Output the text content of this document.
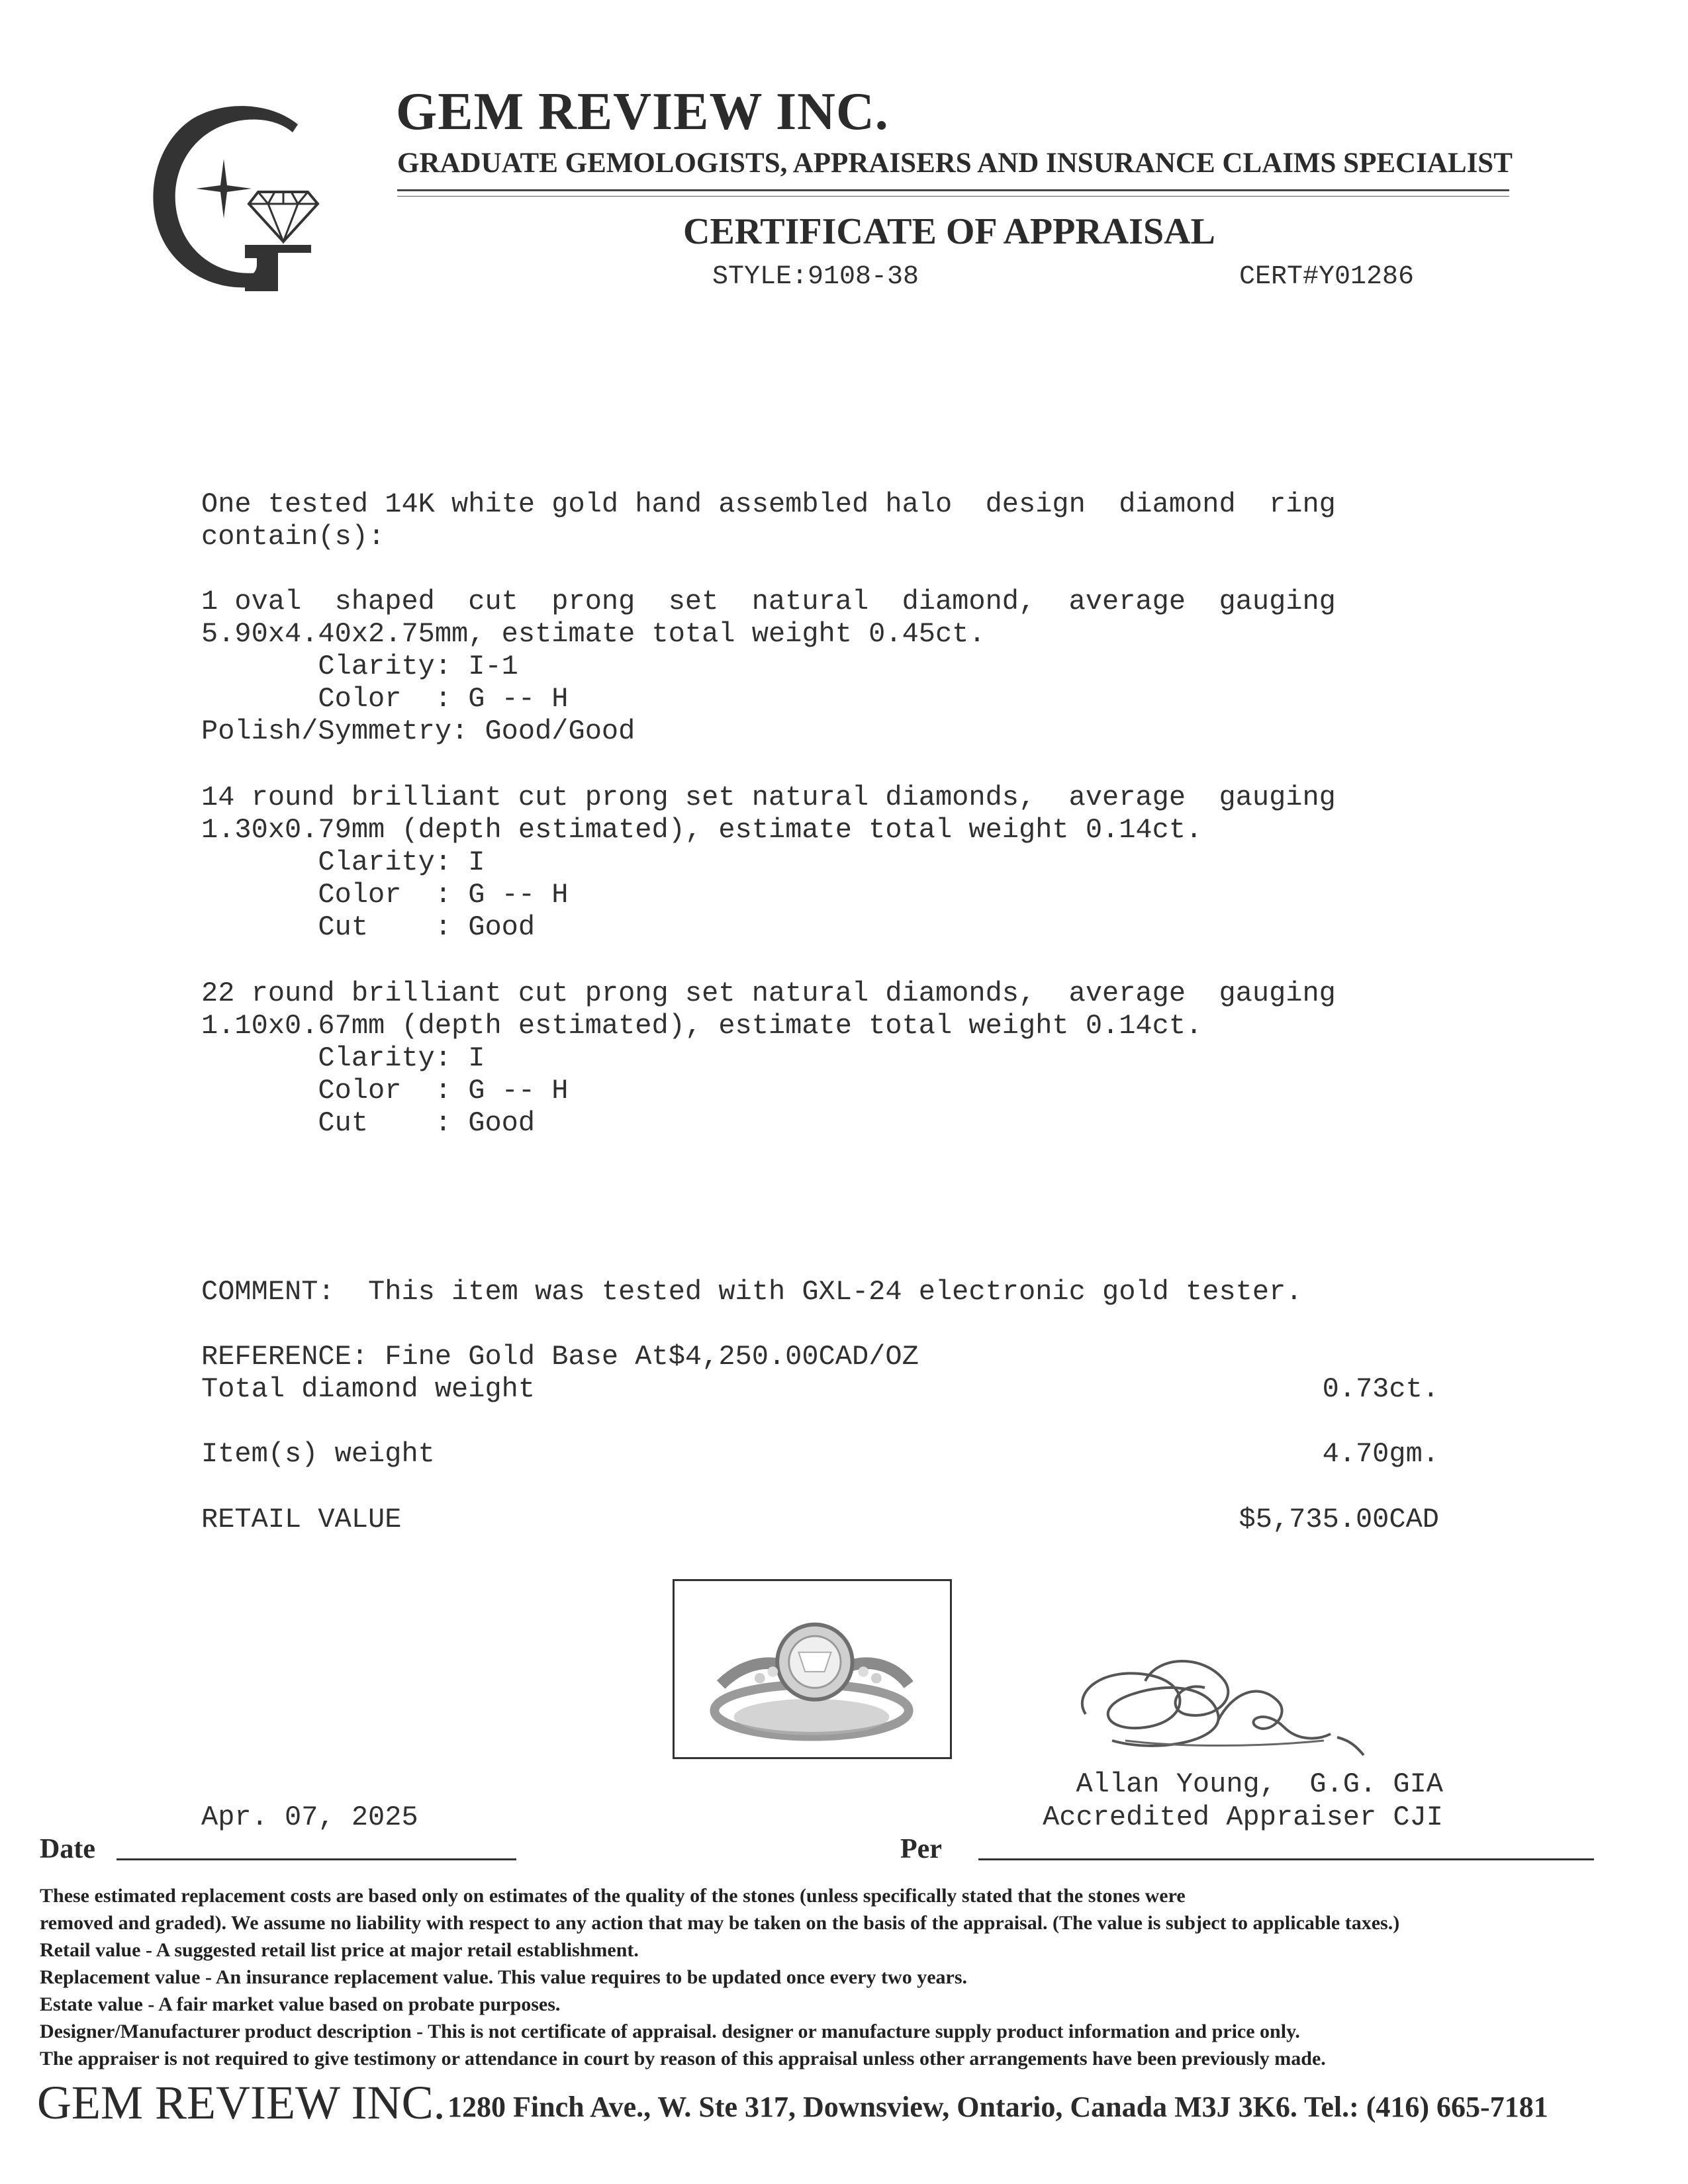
GEM REVIEW INC.
GRADUATE GEMOLOGISTS, APPRAISERS AND INSURANCE CLAIMS SPECIALIST
CERTIFICATE OF APPRAISAL
STYLE:9108-38	CERT#Y01286
One tested 14K white gold hand assembled halo  design  diamond  ring
contain(s):
1 oval  shaped  cut  prong  set  natural  diamond,  average  gauging
5.90x4.40x2.75mm, estimate total weight 0.45ct.
Clarity: I-1
Color  : G -- H
Polish/Symmetry: Good/Good
14 round brilliant cut prong set natural diamonds,  average  gauging
1.30x0.79mm (depth estimated), estimate total weight 0.14ct.
Clarity: I
Color  : G -- H
Cut    : Good
22 round brilliant cut prong set natural diamonds,  average  gauging
1.10x0.67mm (depth estimated), estimate total weight 0.14ct.
Clarity: I
Color  : G -- H
Cut    : Good
COMMENT:  This item was tested with GXL-24 electronic gold tester.
REFERENCE: Fine Gold Base At$4,250.00CAD/OZ
Total diamond weight	0.73ct.
Item(s) weight	4.70gm.
RETAIL VALUE	$5,735.00CAD
Allan Young,  G.G. GIA
Accredited Appraiser CJI
Apr. 07, 2025
Date	Per
These estimated replacement costs are based only on estimates of the quality of the stones (unless specifically stated that the stones were
removed and graded). We assume no liability with respect to any action that may be taken on the basis of the appraisal. (The value is subject to applicable taxes.)
Retail value - A suggested retail list price at major retail establishment.
Replacement value - An insurance replacement value. This value requires to be updated once every two years.
Estate value - A fair market value based on probate purposes.
Designer/Manufacturer product description - This is not certificate of appraisal. designer or manufacture supply product information and price only.
The appraiser is not required to give testimony or attendance in court by reason of this appraisal unless other arrangements have been previously made.
GEM REVIEW INC. 1280 Finch Ave., W. Ste 317, Downsview, Ontario, Canada M3J 3K6. Tel.: (416) 665-7181
